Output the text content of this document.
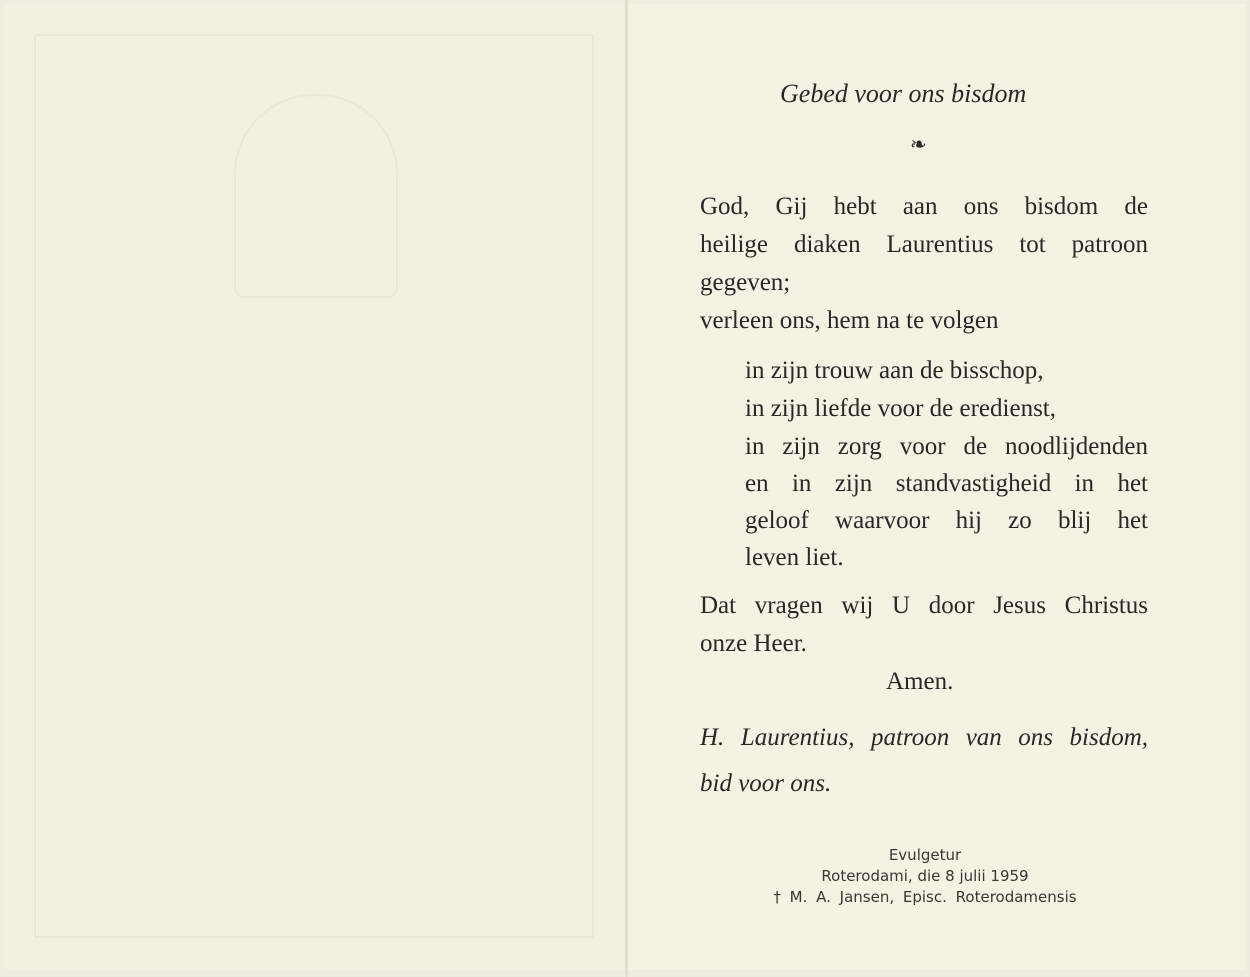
Gebed voor ons bisdom
❧
God, Gij hebt aan ons bisdom de
heilige diaken Laurentius tot patroon
gegeven;
verleen ons, hem na te volgen
in zijn trouw aan de bisschop,
in zijn liefde voor de eredienst,
in zijn zorg voor de noodlijdenden
en in zijn standvastigheid in het
geloof waarvoor hij zo blij het
leven liet.
Dat vragen wij U door Jesus Christus
onze Heer.
Amen.
H. Laurentius, patroon van ons bisdom,
bid voor ons.
Evulgetur
Roterodami, die 8 julii 1959
† M. A. Jansen, Episc. Roterodamensis
